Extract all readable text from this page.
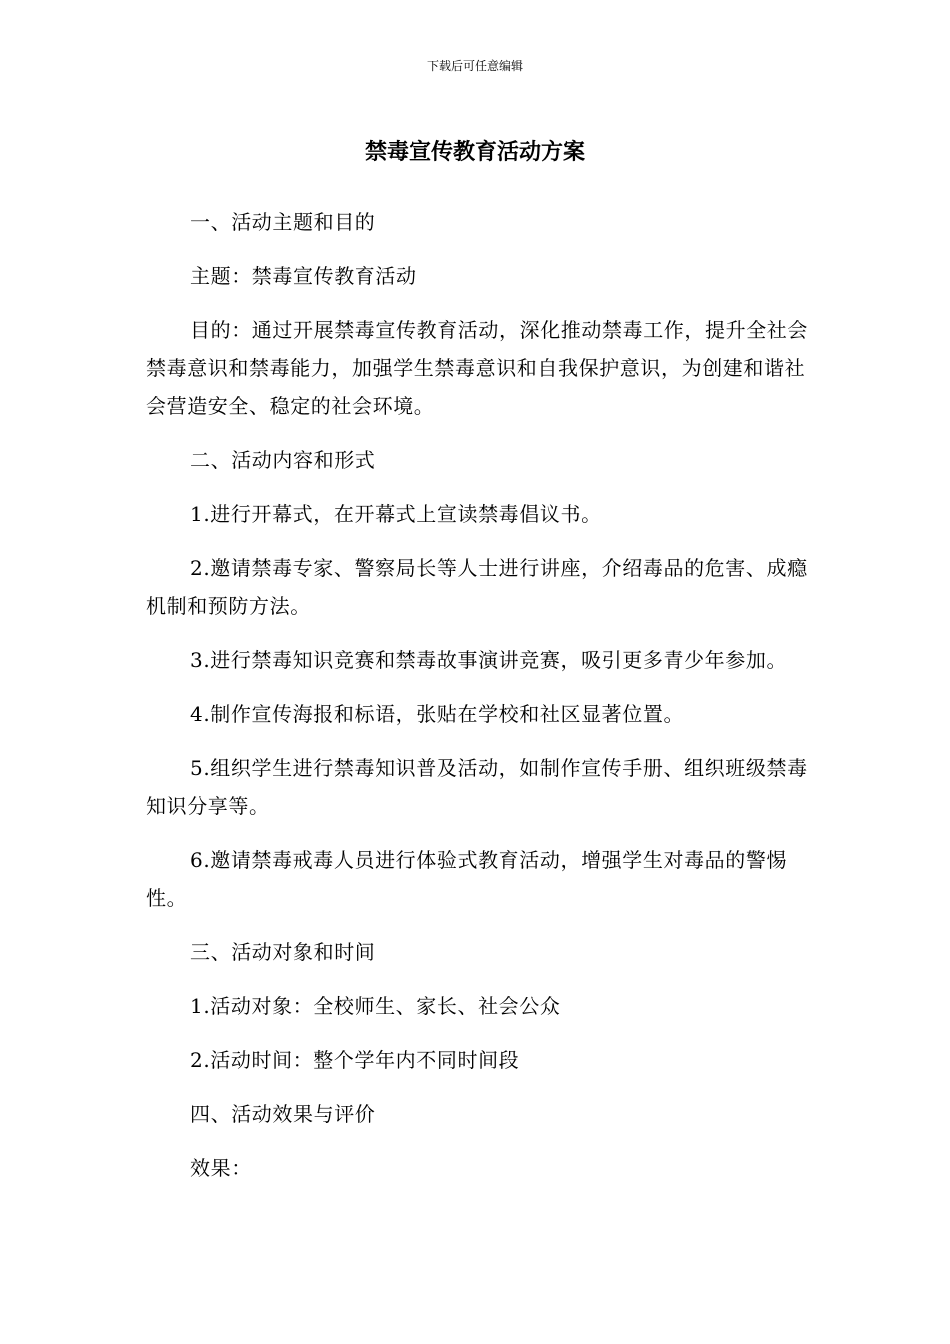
下载后可任意编辑
禁毒宣传教育活动方案

一、活动主题和目的

主题：禁毒宣传教育活动

目的：通过开展禁毒宣传教育活动，深化推动禁毒工作，提升全社会禁毒意识和禁毒能力，加强学生禁毒意识和自我保护意识，为创建和谐社会营造安全、稳定的社会环境。

二、活动内容和形式

1.进行开幕式，在开幕式上宣读禁毒倡议书。

2.邀请禁毒专家、警察局长等人士进行讲座，介绍毒品的危害、成瘾机制和预防方法。

3.进行禁毒知识竞赛和禁毒故事演讲竞赛，吸引更多青少年参加。

4.制作宣传海报和标语，张贴在学校和社区显著位置。

5.组织学生进行禁毒知识普及活动，如制作宣传手册、组织班级禁毒知识分享等。

6.邀请禁毒戒毒人员进行体验式教育活动，增强学生对毒品的警惕性。

三、活动对象和时间

1.活动对象：全校师生、家长、社会公众

2.活动时间：整个学年内不同时间段

四、活动效果与评价

效果：
